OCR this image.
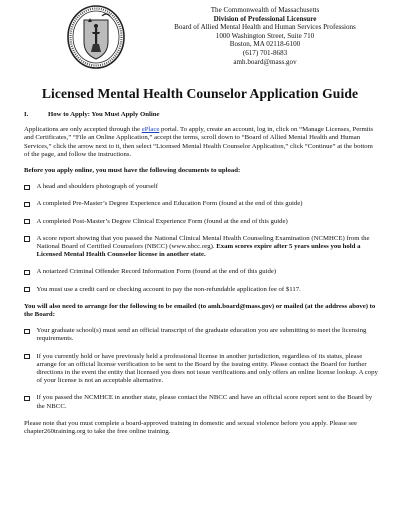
The Commonwealth of Massachusetts
Division of Professional Licensure
Board of Allied Mental Health and Human Services Professions
1000 Washington Street, Suite 710
Boston, MA 02118-6100
(617) 701-8683
amh.board@mass.gov
Licensed Mental Health Counselor Application Guide
I.	How to Apply: You Must Apply Online

Applications are only accepted through the ePlace portal. To apply, create an account, log in, click on “Manage Licenses, Permits and Certificates,” “File an Online Application,” accept the terms, scroll down to “Board of Allied Mental Health and Human Services,” click the arrow next to it, then select “Licensed Mental Health Counselor Application,” click “Continue” at the bottom of the page, and follow the instructions.

Before you apply online, you must have the following documents to upload:

A head and shoulders photograph of yourself
A completed Pre-Master’s Degree Experience and Education Form (found at the end of this guide)
A completed Post-Master’s Degree Clinical Experience Form (found at the end of this guide)
A score report showing that you passed the National Clinical Mental Health Counseling Examination (NCMHCE) from the National Board of Certified Counselors (NBCC) (www.nbcc.org). Exam scores expire after 5 years unless you hold a Licensed Mental Health Counselor license in another state.
A notarized Criminal Offender Record Information Form (found at the end of this guide)
You must use a credit card or checking account to pay the non-refundable application fee of $117.

You will also need to arrange for the following to be emailed (to amh.board@mass.gov) or mailed (at the address above) to the Board:

Your graduate school(s) must send an official transcript of the graduate education you are submitting to meet the licensing requirements.
If you currently hold or have previously held a professional license in another jurisdiction, regardless of its status, please arrange for an official license verification to be sent to the Board by the issuing entity. Please contact the Board for further directions in the event the entity that licensed you does not issue verifications and only offers an online license lookup. A copy of your license is not an acceptable alternative.
If you passed the NCMHCE in another state, please contact the NBCC and have an official score report sent to the Board by the NBCC.

Please note that you must complete a board-approved training in domestic and sexual violence before you apply. Please see chapter260training.org to take the free online training.
